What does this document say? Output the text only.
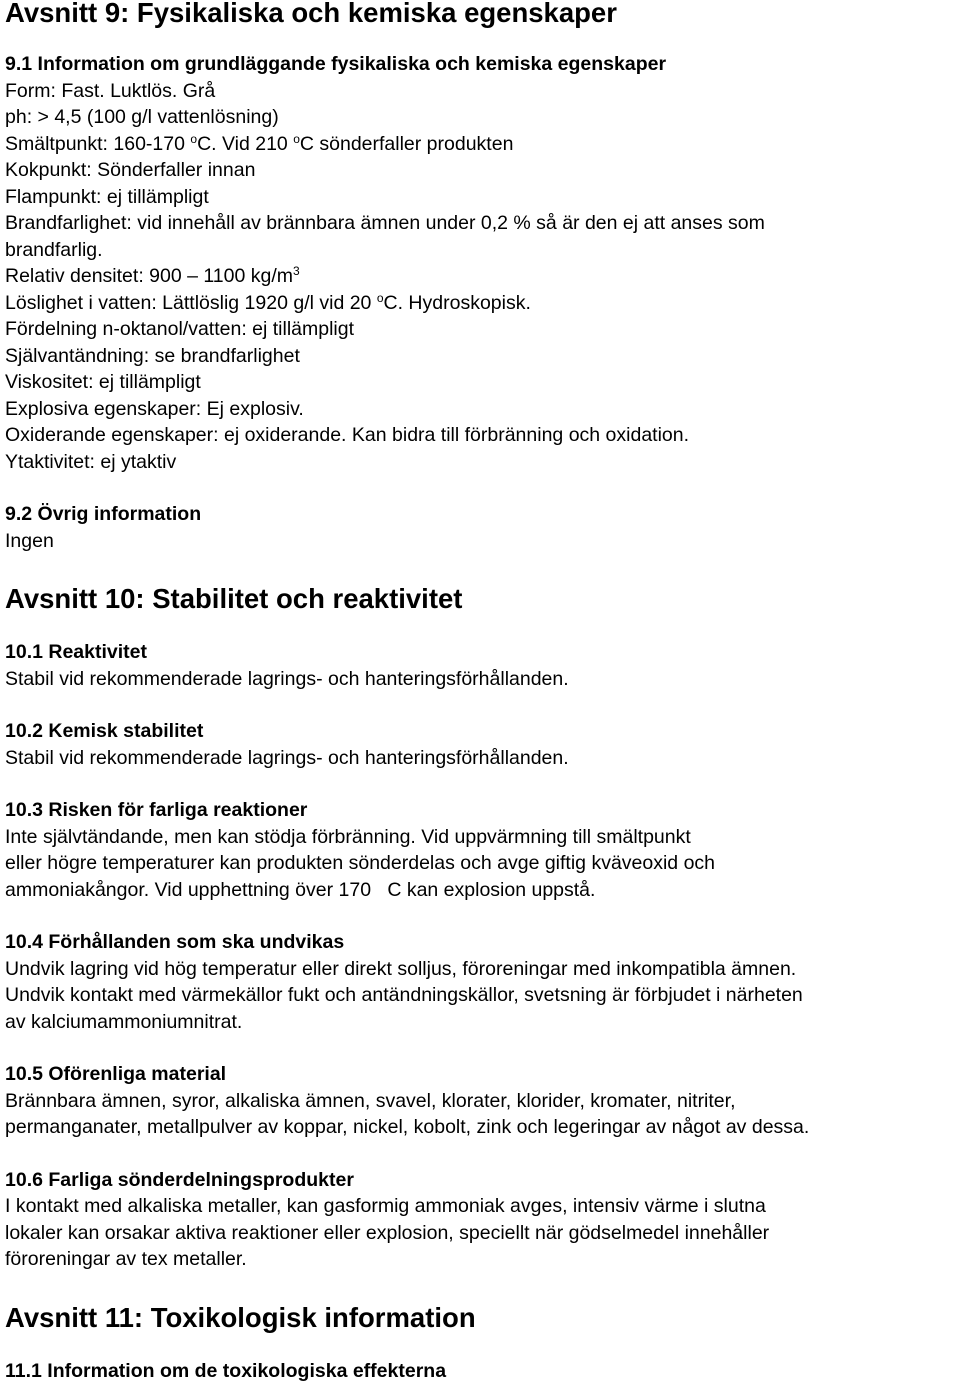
Avsnitt 9: Fysikaliska och kemiska egenskaper
9.1 Information om grundläggande fysikaliska och kemiska egenskaper
Form: Fast. Luktlös. Grå
ph: > 4,5 (100 g/l vattenlösning)
Smältpunkt: 160-170 $^o$C. Vid 210 $^o$C sönderfaller produkten
Kokpunkt: Sönderfaller innan
Flampunkt: ej tillämpligt
Brandfarlighet: vid innehåll av brännbara ämnen under 0,2 % så är den ej att anses som
brandfarlig.
Relativ densitet: 900 – 1100 $kg/m^3$
Löslighet i vatten: Lättlöslig 1920 g/l vid 20 $^o$C. Hydroskopisk.
Fördelning n-oktanol/vatten: ej tillämpligt
Självantändning: se brandfarlighet
Viskositet: ej tillämpligt
Explosiva egenskaper: Ej explosiv.
Oxiderande egenskaper: ej oxiderande. Kan bidra till förbränning och oxidation.
Ytaktivitet: ej ytaktiv
9.2 Övrig information
Ingen
Avsnitt 10: Stabilitet och reaktivitet
10.1 Reaktivitet
Stabil vid rekommenderade lagrings- och hanteringsförhållanden.
10.2 Kemisk stabilitet
Stabil vid rekommenderade lagrings- och hanteringsförhållanden.
10.3 Risken för farliga reaktioner
Inte självtändande, men kan stödja förbränning. Vid uppvärmning till smältpunkt
eller högre temperaturer kan produkten sönderdelas och avge giftig kväveoxid och
ammoniakångor. Vid upphettning över 170   C kan explosion uppstå.
10.4 Förhållanden som ska undvikas
Undvik lagring vid hög temperatur eller direkt solljus, föroreningar med inkompatibla ämnen.
Undvik kontakt med värmekällor fukt och antändningskällor, svetsning är förbjudet i närheten
av kalciumammoniumnitrat.
10.5 Oförenliga material
Brännbara ämnen, syror, alkaliska ämnen, svavel, klorater, klorider, kromater, nitriter,
permanganater, metallpulver av koppar, nickel, kobolt, zink och legeringar av något av dessa.
10.6 Farliga sönderdelningsprodukter
I kontakt med alkaliska metaller, kan gasformig ammoniak avges, intensiv värme i slutna
lokaler kan orsakar aktiva reaktioner eller explosion, speciellt när gödselmedel innehåller
föroreningar av tex metaller.
Avsnitt 11: Toxikologisk information
11.1 Information om de toxikologiska effekterna
